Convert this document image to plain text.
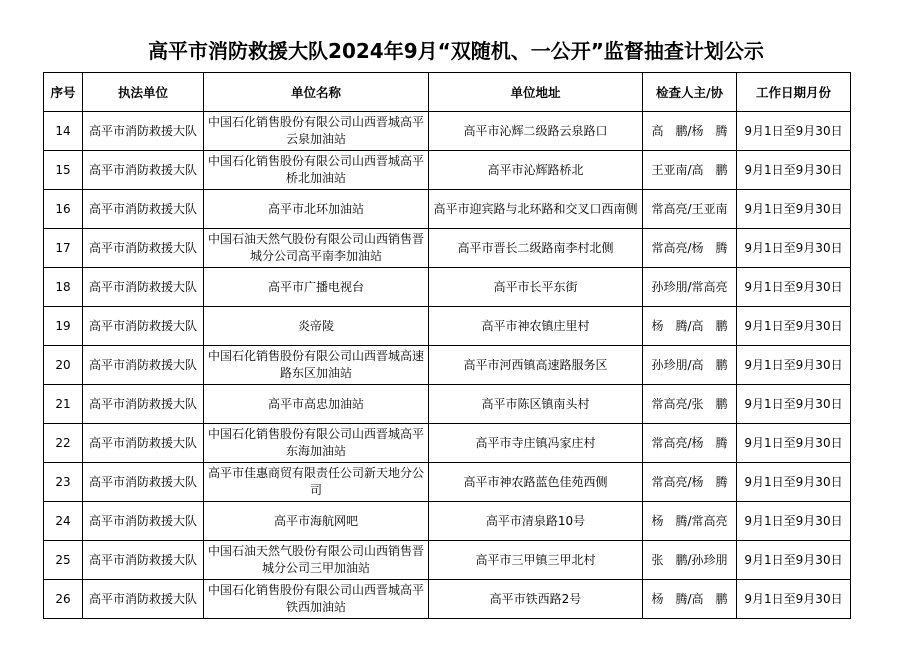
高平市消防救援大队2024年9月“双随机、一公开”监督抽查计划公示
序号	执法单位	单位名称	单位地址	检查人主/协	工作日期月份
14	高平市消防救援大队	中国石化销售股份有限公司山西晋城高平云泉加油站	高平市沁辉二级路云泉路口	高　鹏/杨　腾	9月1日至9月30日
15	高平市消防救援大队	中国石化销售股份有限公司山西晋城高平桥北加油站	高平市沁辉路桥北	王亚南/高　鹏	9月1日至9月30日
16	高平市消防救援大队	高平市北环加油站	高平市迎宾路与北环路和交叉口西南侧	常高亮/王亚南	9月1日至9月30日
17	高平市消防救援大队	中国石油天然气股份有限公司山西销售晋城分公司高平南李加油站	高平市晋长二级路南李村北侧	常高亮/杨　腾	9月1日至9月30日
18	高平市消防救援大队	高平市广播电视台	高平市长平东街	孙珍朋/常高亮	9月1日至9月30日
19	高平市消防救援大队	炎帝陵	高平市神农镇庄里村	杨　腾/高　鹏	9月1日至9月30日
20	高平市消防救援大队	中国石化销售股份有限公司山西晋城高速路东区加油站	高平市河西镇高速路服务区	孙珍朋/高　鹏	9月1日至9月30日
21	高平市消防救援大队	高平市高忠加油站	高平市陈区镇南头村	常高亮/张　鹏	9月1日至9月30日
22	高平市消防救援大队	中国石化销售股份有限公司山西晋城高平东海加油站	高平市寺庄镇冯家庄村	常高亮/杨　腾	9月1日至9月30日
23	高平市消防救援大队	高平市佳惠商贸有限责任公司新天地分公司	高平市神农路蓝色佳苑西侧	常高亮/杨　腾	9月1日至9月30日
24	高平市消防救援大队	高平市海航网吧	高平市清泉路10号	杨　腾/常高亮	9月1日至9月30日
25	高平市消防救援大队	中国石油天然气股份有限公司山西销售晋城分公司三甲加油站	高平市三甲镇三甲北村	张　鹏/孙珍朋	9月1日至9月30日
26	高平市消防救援大队	中国石化销售股份有限公司山西晋城高平铁西加油站	高平市铁西路2号	杨　腾/高　鹏	9月1日至9月30日
